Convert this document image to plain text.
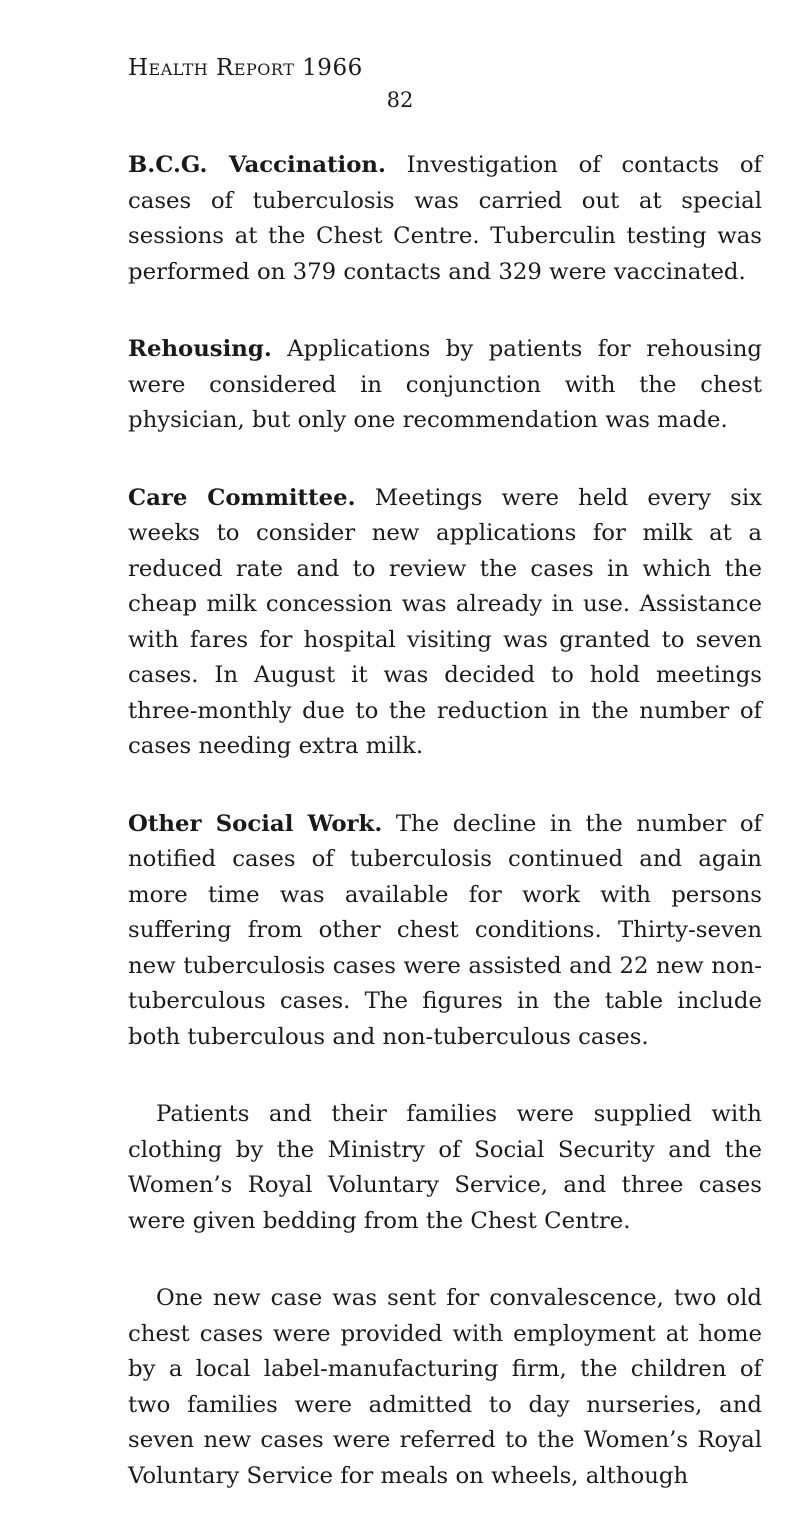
Health Report 1966
82

B.C.G. Vaccination. Investigation of contacts of cases of tuberculosis was carried out at special sessions at the Chest Centre. Tuberculin testing was performed on 379 contacts and 329 were vaccinated.

Rehousing. Applications by patients for rehousing were considered in conjunction with the chest physician, but only one recommendation was made.

Care Committee. Meetings were held every six weeks to consider new applications for milk at a reduced rate and to review the cases in which the cheap milk concession was already in use. Assistance with fares for hospital visiting was granted to seven cases. In August it was decided to hold meetings three-monthly due to the reduction in the number of cases needing extra milk.

Other Social Work. The decline in the number of notified cases of tuberculosis continued and again more time was available for work with persons suffering from other chest conditions. Thirty-seven new tuberculosis cases were assisted and 22 new non-tuberculous cases. The figures in the table include both tuberculous and non-tuberculous cases.

Patients and their families were supplied with clothing by the Ministry of Social Security and the Women’s Royal Voluntary Service, and three cases were given bedding from the Chest Centre.

One new case was sent for convalescence, two old chest cases were provided with employment at home by a local label-manufacturing firm, the children of two families were admitted to day nurseries, and seven new cases were referred to the Women’s Royal Voluntary Service for meals on wheels, although
